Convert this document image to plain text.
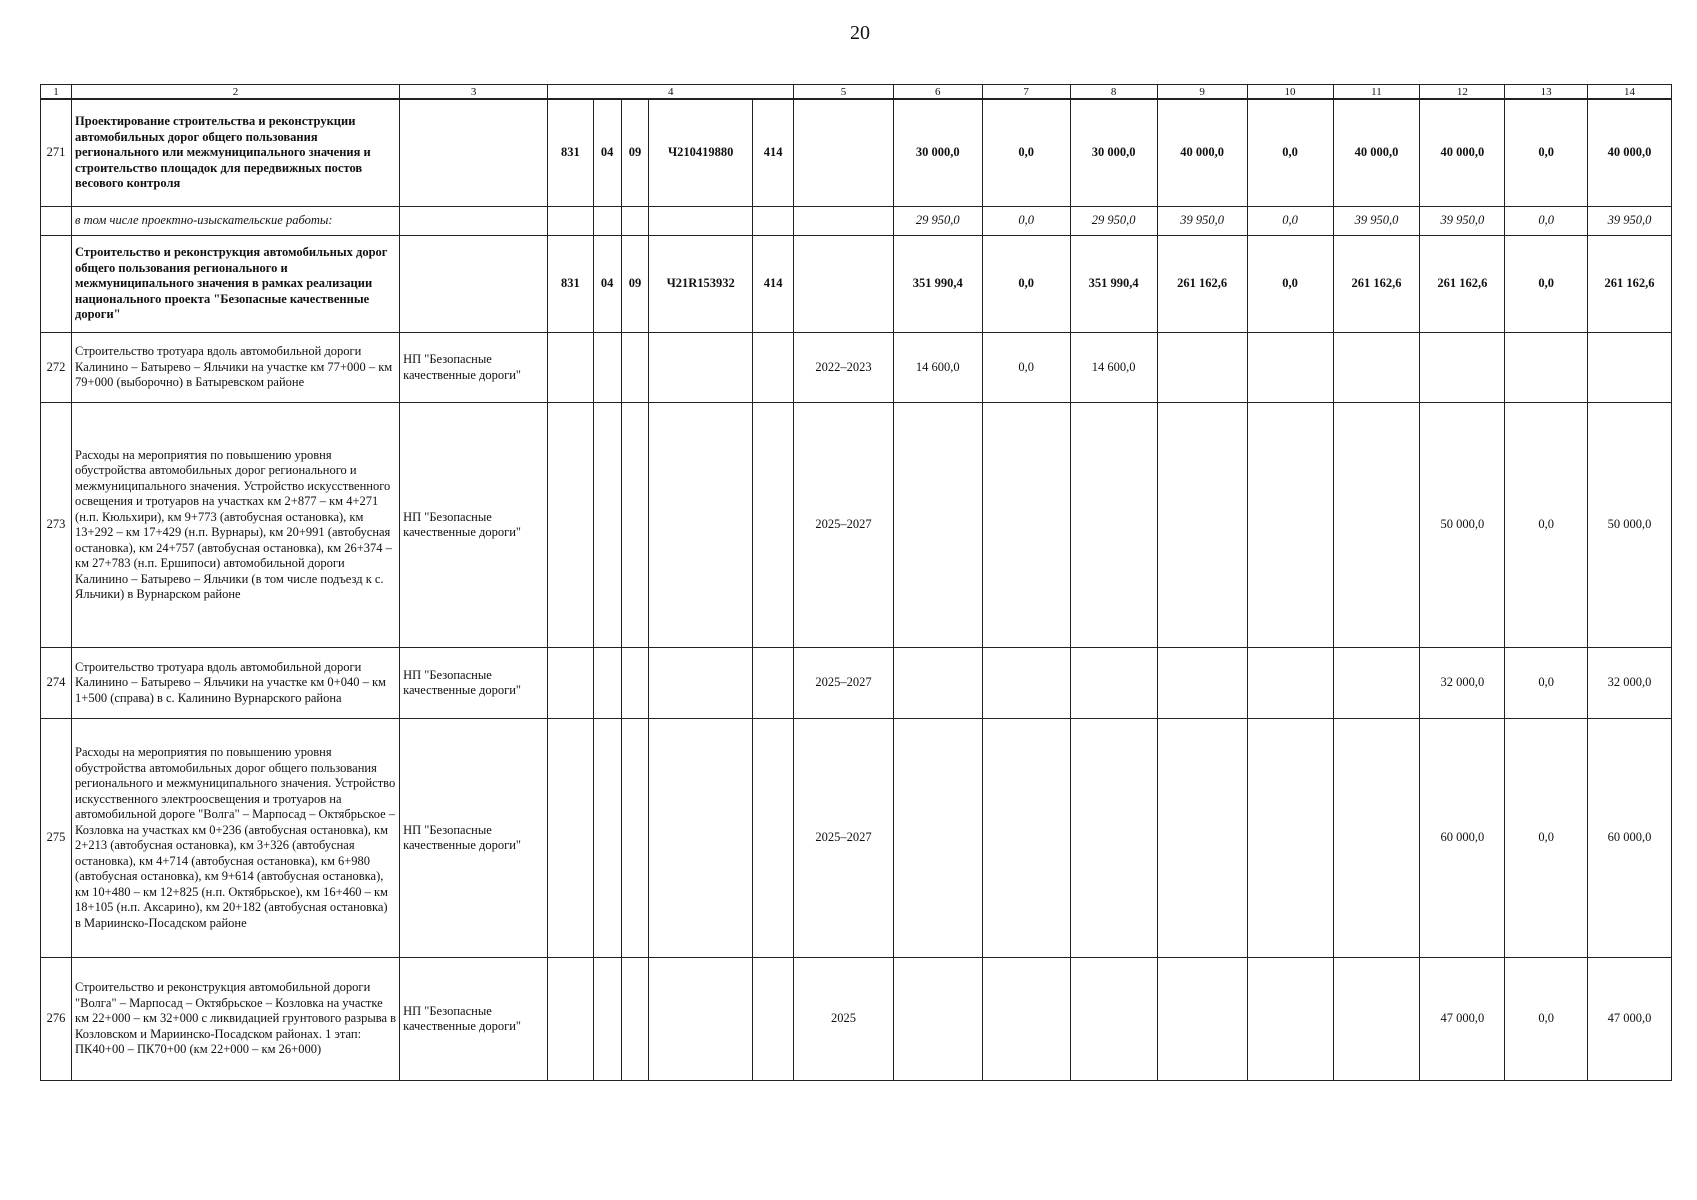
20
1	2	3	4					5	6	7	8	9	10	11	12	13	14
271	Проектирование строительства и реконструкции автомобильных дорог общего пользования регионального или межмуниципального значения и строительство площадок для передвижных постов весового контроля		831	04	09	Ч210419880	414		30 000,0	0,0	30 000,0	40 000,0	0,0	40 000,0	40 000,0	0,0	40 000,0
	в том числе проектно-изыскательские работы:								29 950,0	0,0	29 950,0	39 950,0	0,0	39 950,0	39 950,0	0,0	39 950,0
	Строительство и реконструкция автомобильных дорог общего пользования регионального и межмуниципального значения в рамках реализации национального проекта "Безопасные качественные дороги"		831	04	09	Ч21R153932	414		351 990,4	0,0	351 990,4	261 162,6	0,0	261 162,6	261 162,6	0,0	261 162,6
272	Строительство тротуара вдоль автомобильной дороги Калинино – Батырево – Яльчики на участке км 77+000 – км 79+000 (выборочно) в Батыревском районе	НП "Безопасные качественные дороги"						2022–2023	14 600,0	0,0	14 600,0						
273	Расходы на мероприятия по повышению уровня обустройства автомобильных дорог регионального и межмуниципального значения. Устройство искусственного освещения и тротуаров на участках км 2+877 – км 4+271 (н.п. Кюльхири), км 9+773 (автобусная остановка), км 13+292 – км 17+429 (н.п. Вурнары), км 20+991 (автобусная остановка), км 24+757 (автобусная остановка), км 26+374 – км 27+783 (н.п. Ершипоси) автомобильной дороги Калинино – Батырево – Яльчики (в том числе подъезд к с. Яльчики) в Вурнарском районе	НП "Безопасные качественные дороги"						2025–2027							50 000,0	0,0	50 000,0
274	Строительство тротуара вдоль автомобильной дороги Калинино – Батырево – Яльчики на участке км 0+040 – км 1+500 (справа) в с. Калинино Вурнарского района	НП "Безопасные качественные дороги"						2025–2027							32 000,0	0,0	32 000,0
275	Расходы на мероприятия по повышению уровня обустройства автомобильных дорог общего пользования регионального и межмуниципального значения. Устройство искусственного электроосвещения и тротуаров на автомобильной дороге "Волга" – Марпосад – Октябрьское – Козловка на участках км 0+236 (автобусная остановка), км 2+213 (автобусная остановка), км 3+326 (автобусная остановка), км 4+714 (автобусная остановка), км 6+980 (автобусная остановка), км 9+614 (автобусная остановка), км 10+480 – км 12+825 (н.п. Октябрьское), км 16+460 – км 18+105 (н.п. Аксарино), км 20+182 (автобусная остановка) в Мариинско-Посадском районе	НП "Безопасные качественные дороги"						2025–2027							60 000,0	0,0	60 000,0
276	Строительство и реконструкция автомобильной дороги "Волга" – Марпосад – Октябрьское – Козловка на участке км 22+000 – км 32+000 с ликвидацией грунтового разрыва в Козловском и Мариинско-Посадском районах. 1 этап: ПК40+00 – ПК70+00 (км 22+000 – км 26+000)	НП "Безопасные качественные дороги"						2025							47 000,0	0,0	47 000,0
